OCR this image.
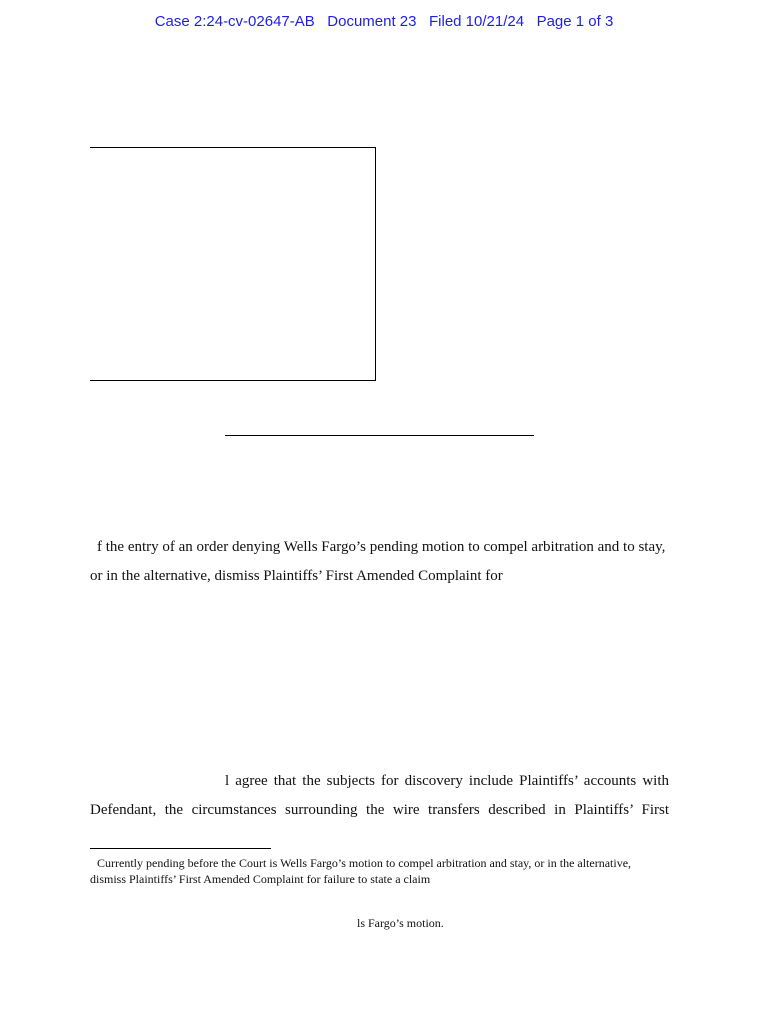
Case 2:24-cv-02647-AB   Document 23   Filed 10/21/24   Page 1 of 3
f the entry of an order denying Wells Fargo’s pending motion to compel arbitration and to stay,
or in the alternative, dismiss Plaintiffs’ First Amended Complaint for
l agree that the subjects for discovery include Plaintiffs’ accounts with
Defendant, the circumstances surrounding the wire transfers described in Plaintiffs’ First
Currently pending before the Court is Wells Fargo’s motion to compel arbitration and stay, or in the alternative,
dismiss Plaintiffs’ First Amended Complaint for failure to state a claim
ls Fargo’s motion.
